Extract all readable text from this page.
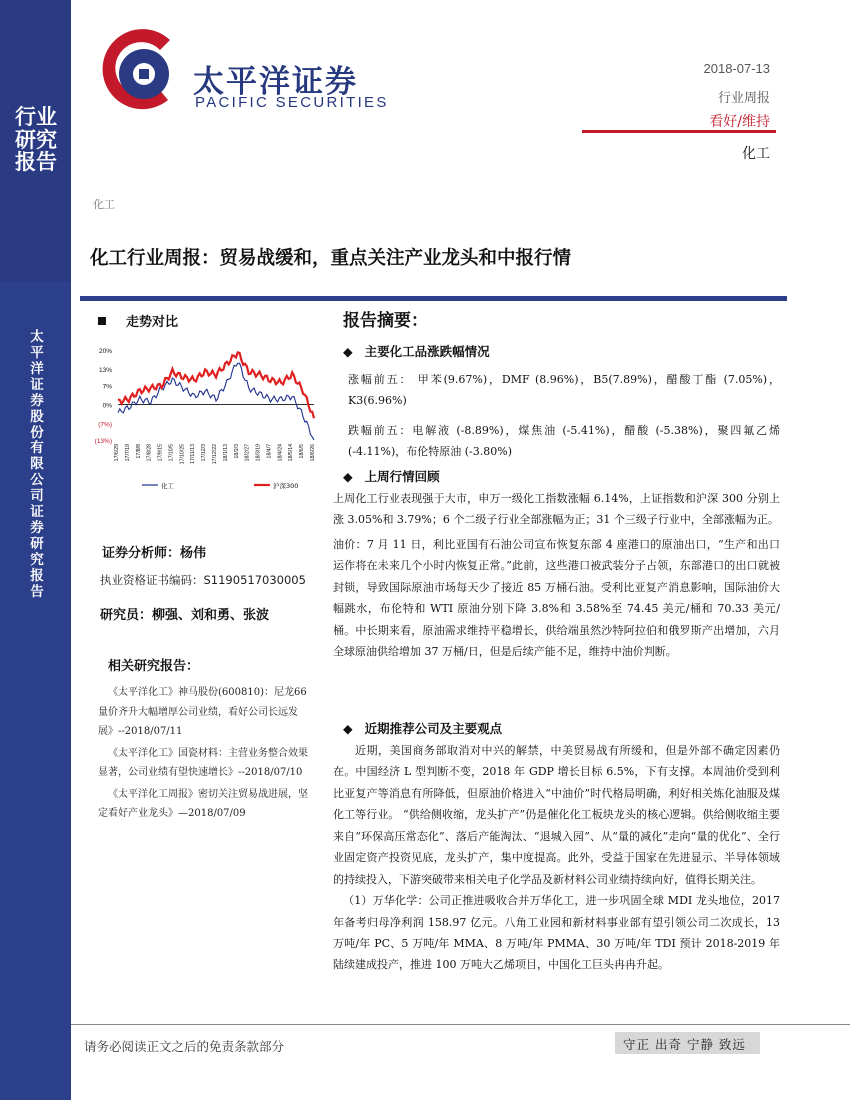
行业研究报告
太平洋证券股份有限公司证券研究报告
太平洋证券
PACIFIC SECURITIES
2018-07-13
行业周报
看好/维持
化工
化工
化工行业周报：贸易战缓和，重点关注产业龙头和中报行情
走势对比
20%
13%
7%
0%
(7%)
(13%)
17/6/29 17/7/19 17/8/8 17/8/28 17/9/15 17/10/5 17/10/25 17/11/13 17/12/3 17/12/22 18/1/13 18/2/3 18/2/27 18/3/19 18/4/7 18/4/24 18/5/14 18/6/5 18/6/26
化工	沪深300
证券分析师：杨伟
执业资格证书编码：S1190517030005
研究员：柳强、刘和勇、张波
相关研究报告：

《太平洋化工》神马股份(600810)：尼龙66量价齐升大幅增厚公司业绩，看好公司长远发展》--2018/07/11

《太平洋化工》国瓷材料：主营业务整合效果显著，公司业绩有望快速增长》--2018/07/10

《太平洋化工周报》密切关注贸易战进展，坚定看好产业龙头》—2018/07/09

报告摘要：
◆ 主要化工品涨跌幅情况

涨幅前五： 甲苯(9.67%)，DMF (8.96%)，B5(7.89%)，醋酸丁酯 (7.05%)，K3(6.96%)

跌幅前五：电解液 (-8.89%)，煤焦油 (-5.41%)，醋酸 (-5.38%)，聚四氟乙烯 (-4.11%)，布伦特原油 (-3.80%)

◆ 上周行情回顾

上周化工行业表现强于大市，申万一级化工指数涨幅 6.14%，上证指数和沪深 300 分别上涨 3.05%和 3.79%；6 个二级子行业全部涨幅为正；31 个三级子行业中，全部涨幅为正。

油价：7 月 11 日，利比亚国有石油公司宣布恢复东部 4 座港口的原油出口，“生产和出口运作将在未来几个小时内恢复正常。”此前，这些港口被武装分子占领，东部港口的出口就被封锁，导致国际原油市场每天少了接近 85 万桶石油。受利比亚复产消息影响，国际油价大幅跳水，布伦特和 WTI 原油分别下降 3.8%和 3.58%至 74.45 美元/桶和 70.33 美元/桶。中长期来看，原油需求维持平稳增长，供给端虽然沙特阿拉伯和俄罗斯产出增加，六月全球原油供给增加 37 万桶/日，但是后续产能不足，维持中油价判断。

◆ 近期推荐公司及主要观点

近期，美国商务部取消对中兴的解禁，中美贸易战有所缓和，但是外部不确定因素仍在。中国经济 L 型判断不变，2018 年 GDP 增长目标 6.5%，下有支撑。本周油价受到利比亚复产等消息有所降低，但原油价格进入“中油价”时代格局明确，利好相关炼化油服及煤化工等行业。 “供给侧收缩，龙头扩产”仍是催化化工板块龙头的核心逻辑。供给侧收缩主要来自“环保高压常态化”、落后产能淘汰、“退城入园”、从“量的减化”走向“量的优化”、全行业固定资产投资见底，龙头扩产，集中度提高。此外，受益于国家在先进显示、半导体领域的持续投入，下游突破带来相关电子化学品及新材料公司业绩持续向好，值得长期关注。

（1）万华化学：公司正推进吸收合并万华化工，进一步巩固全球 MDI 龙头地位，2017 年备考归母净利润 158.97 亿元。八角工业园和新材料事业部有望引领公司二次成长，13 万吨/年 PC、5 万吨/年 MMA、8 万吨/年 PMMA、30 万吨/年 TDI 预计 2018-2019 年陆续建成投产，推进 100 万吨大乙烯项目，中国化工巨头冉冉升起。

请务必阅读正文之后的免责条款部分	守正 出奇 宁静 致远
